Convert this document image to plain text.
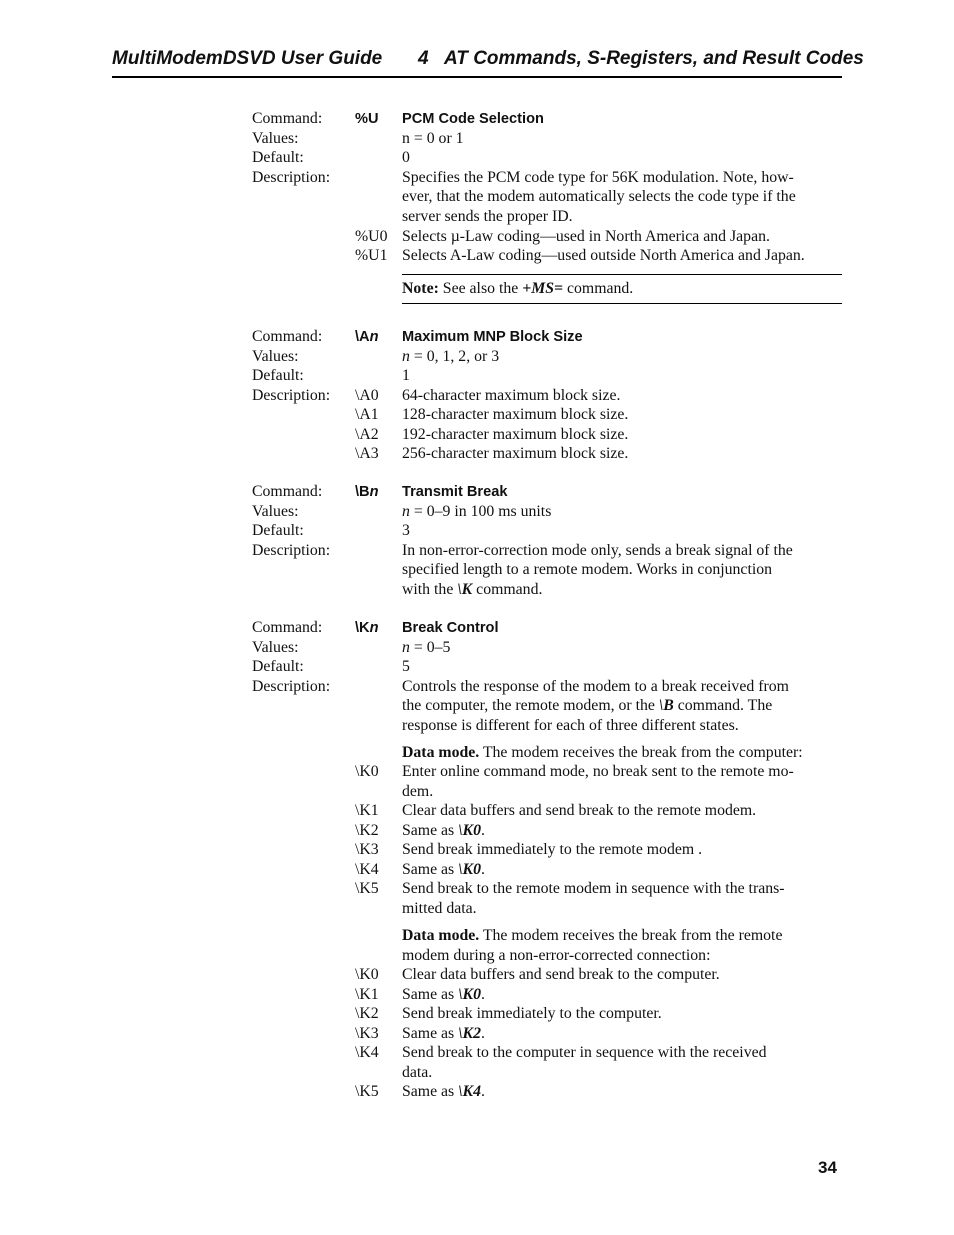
MultiModemDSVD User Guide 4 AT Commands, S-Registers, and Result Codes
Command: %U PCM Code Selection
Values:	n = 0 or 1
Default:	0
Description:	Specifies the PCM code type for 56K modulation. Note, how-
ever, that the modem automatically selects the code type if the
server sends the proper ID.
%U0 Selects µ-Law coding—used in North America and Japan.
%U1 Selects A-Law coding—used outside North America and Japan.
Note: See also the +MS= command.
Command: \An Maximum MNP Block Size
Values:	n = 0, 1, 2, or 3
Default:	1
Description: \A0 64-character maximum block size.
\A1 128-character maximum block size.
\A2 192-character maximum block size.
\A3 256-character maximum block size.
Command: \Bn Transmit Break
Values:	n = 0–9 in 100 ms units
Default:	3
Description:	In non-error-correction mode only, sends a break signal of the
specified length to a remote modem. Works in conjunction
with the \K command.
Command: \Kn Break Control
Values:	n = 0–5
Default:	5
Description:	Controls the response of the modem to a break received from
the computer, the remote modem, or the \B command. The
response is different for each of three different states.
Data mode. The modem receives the break from the computer:
\K0 Enter online command mode, no break sent to the remote mo-
dem.
\K1 Clear data buffers and send break to the remote modem.
\K2 Same as \K0.
\K3 Send break immediately to the remote modem .
\K4 Same as \K0.
\K5 Send break to the remote modem in sequence with the trans-
mitted data.
Data mode. The modem receives the break from the remote
modem during a non-error-corrected connection:
\K0 Clear data buffers and send break to the computer.
\K1 Same as \K0.
\K2 Send break immediately to the computer.
\K3 Same as \K2.
\K4 Send break to the computer in sequence with the received
data.
\K5 Same as \K4.
34
